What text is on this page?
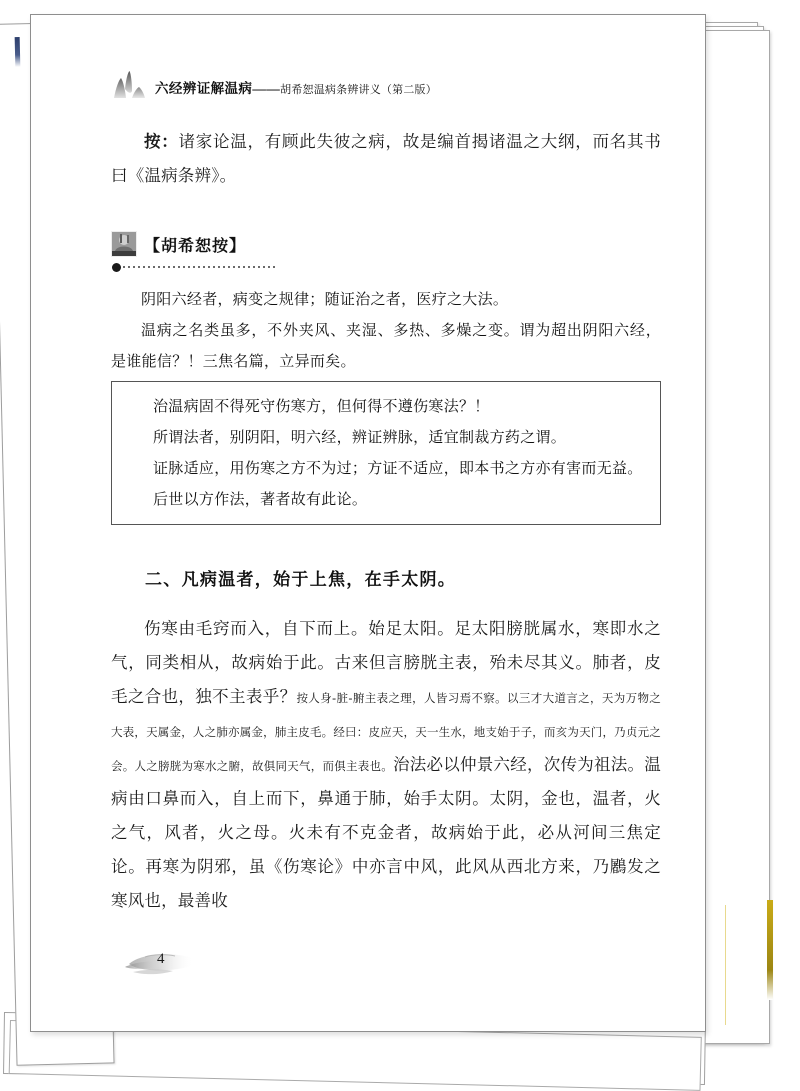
六经辨证解温病——胡希恕温病条辨讲义（第二版）
按：诸家论温，有顾此失彼之病，故是编首揭诸温之大纲，而名其书曰《温病条辨》。
【胡希恕按】

阴阳六经者，病变之规律；随证治之者，医疗之大法。

温病之名类虽多，不外夹风、夹湿、多热、多燥之变。谓为超出阴阳六经，是谁能信？！三焦名篇，立异而矣。

治温病固不得死守伤寒方，但何得不遵伤寒法？！

所谓法者，别阴阳，明六经，辨证辨脉，适宜制裁方药之谓。

证脉适应，用伤寒之方不为过；方证不适应，即本书之方亦有害而无益。

后世以方作法，著者故有此论。

二、凡病温者，始于上焦，在手太阴。
伤寒由毛窍而入，自下而上。始足太阳。足太阳膀胱属水，寒即水之气，同类相从，故病始于此。古来但言膀胱主表，殆未尽其义。肺者，皮毛之合也，独不主表乎？按人身‐脏‐腑主表之理，人皆习焉不察。以三才大道言之，天为万物之大表，天属金，人之肺亦属金，肺主皮毛。经曰：皮应天，天一生水，地支始于子，而亥为天门，乃贞元之会。人之膀胱为寒水之腑，故俱同天气，而俱主表也。治法必以仲景六经，次传为祖法。温病由口鼻而入，自上而下，鼻通于肺，始手太阴。太阴，金也，温者，火之气，风者，火之母。火未有不克金者，故病始于此，必从河间三焦定论。再寒为阴邪，虽《伤寒论》中亦言中风，此风从西北方来，乃鷵发之寒风也，最善收
4
